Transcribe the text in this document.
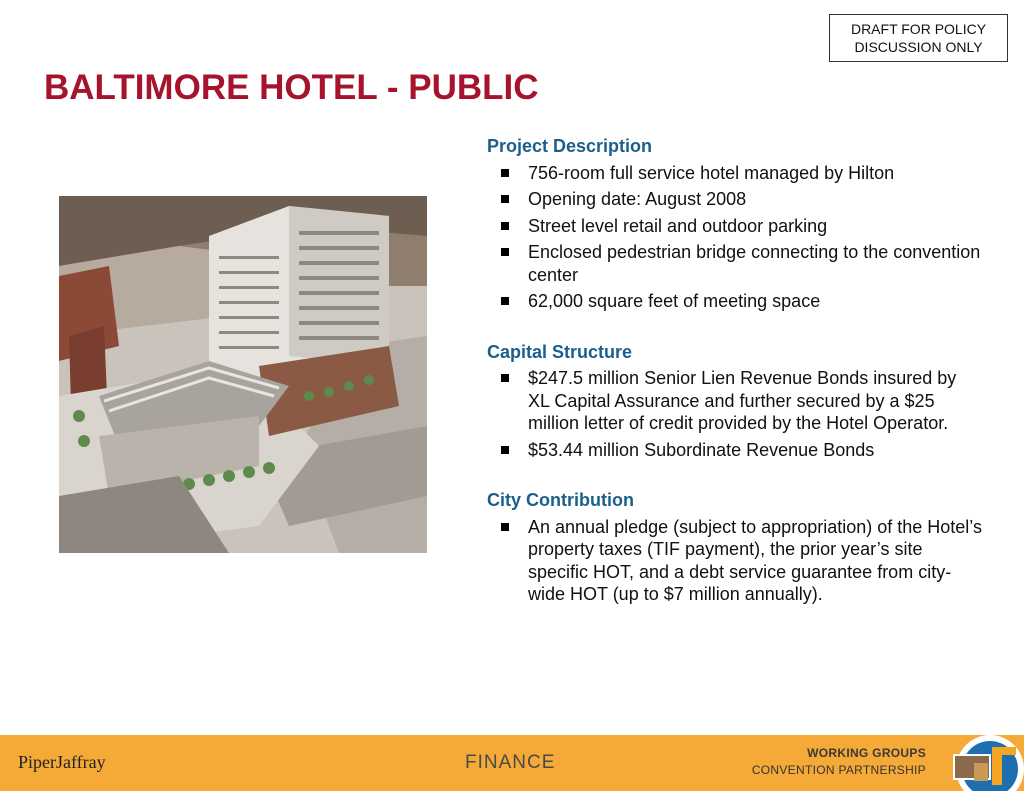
DRAFT FOR POLICY
DISCUSSION ONLY
BALTIMORE HOTEL - PUBLIC
Project Description
756-room full service hotel managed by Hilton
Opening date: August 2008
Street level retail and outdoor parking
Enclosed pedestrian bridge connecting to the convention center
62,000 square feet of meeting space
Capital Structure
$247.5 million Senior Lien Revenue Bonds insured by XL Capital Assurance and further secured by a $25 million letter of credit provided by the Hotel Operator.
$53.44 million Subordinate Revenue Bonds
City Contribution
An annual pledge (subject to appropriation) of the Hotel’s property taxes (TIF payment), the prior year’s site specific HOT, and a debt service guarantee from city-wide HOT (up to $7 million annually).
PiperJaffray	FINANCE	WORKING GROUPS
CONVENTION PARTNERSHIP
